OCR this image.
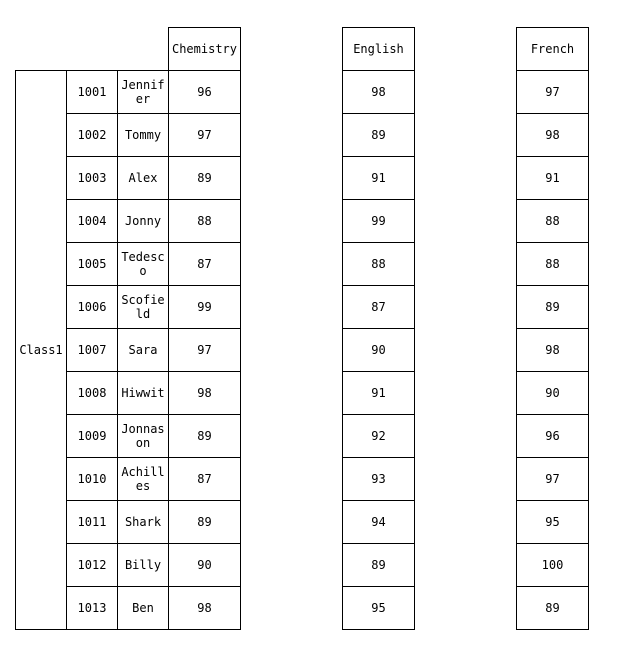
Chemistry	English	French
Class1
1001	Jennifer	96	98	97
1002	Tommy	97	89	98
1003	Alex	89	91	91
1004	Jonny	88	99	88
1005	Tedesco	87	88	88
1006	Scofield	99	87	89
1007	Sara	97	90	98
1008	Hiwwit	98	91	90
1009	Jonnason	89	92	96
1010	Achilles	87	93	97
1011	Shark	89	94	95
1012	Billy	90	89	100
1013	Ben	98	95	89
